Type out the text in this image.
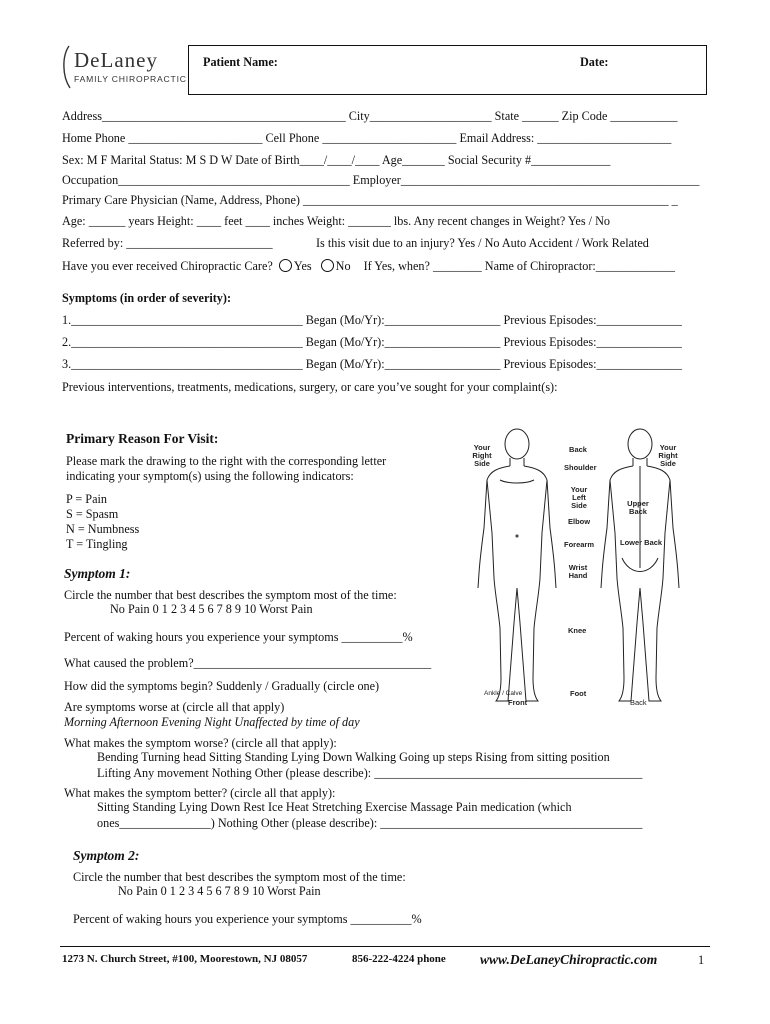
DeLaney
FAMILY CHIROPRACTIC
Patient Name:	Date:
Address________________________________________ City____________________ State ______ Zip Code ___________
Home Phone ______________________ Cell Phone ______________________ Email Address: ______________________
Sex: M F Marital Status: M S D W Date of Birth____/____/____ Age_______ Social Security #_____________
Occupation______________________________________ Employer_________________________________________________
Primary Care Physician (Name, Address, Phone) ____________________________________________________________ _
Age: ______ years Height: ____ feet ____ inches Weight: _______ lbs. Any recent changes in Weight? Yes / No
Referred by: ________________________	Is this visit due to an injury? Yes / No Auto Accident / Work Related
Have you ever received Chiropractic Care? Yes No If Yes, when? ________ Name of Chiropractor:_____________
Symptoms (in order of severity):
1.______________________________________ Began (Mo/Yr):___________________ Previous Episodes:______________
2.______________________________________ Began (Mo/Yr):___________________ Previous Episodes:______________
3.______________________________________ Began (Mo/Yr):___________________ Previous Episodes:______________
Previous interventions, treatments, medications, surgery, or care you’ve sought for your complaint(s):
Primary Reason For Visit:
Please mark the drawing to the right with the corresponding letter
indicating your symptom(s) using the following indicators:
P = Pain
S = Spasm
N = Numbness
T = Tingling
Symptom 1:
Circle the number that best describes the symptom most of the time:
No Pain 0 1 2 3 4 5 6 7 8 9 10 Worst Pain
Percent of waking hours you experience your symptoms __________%
What caused the problem?_______________________________________
How did the symptoms begin? Suddenly / Gradually (circle one)
Are symptoms worse at (circle all that apply)
Morning Afternoon Evening Night Unaffected by time of day
What makes the symptom worse? (circle all that apply):
Bending Turning head Sitting Standing Lying Down Walking Going up steps Rising from sitting position
Lifting Any movement Nothing Other (please describe): ____________________________________________
What makes the symptom better? (circle all that apply):
Sitting Standing Lying Down Rest Ice Heat Stretching Exercise Massage Pain medication (which
ones_______________) Nothing Other (please describe): ___________________________________________
Symptom 2:
Circle the number that best describes the symptom most of the time:
No Pain 0 1 2 3 4 5 6 7 8 9 10 Worst Pain
Percent of waking hours you experience your symptoms __________%
Your Right Side
Back	Your Right Side
Shoulder
Your Left Side
Elbow
Upper Back
Forearm	Lower Back
Wrist Hand
Knee
Ankle / Calve	Foot
Front	Back
1273 N. Church Street, #100, Moorestown, NJ 08057	856-222-4224 phone	www.DeLaneyChiropractic.com	1
